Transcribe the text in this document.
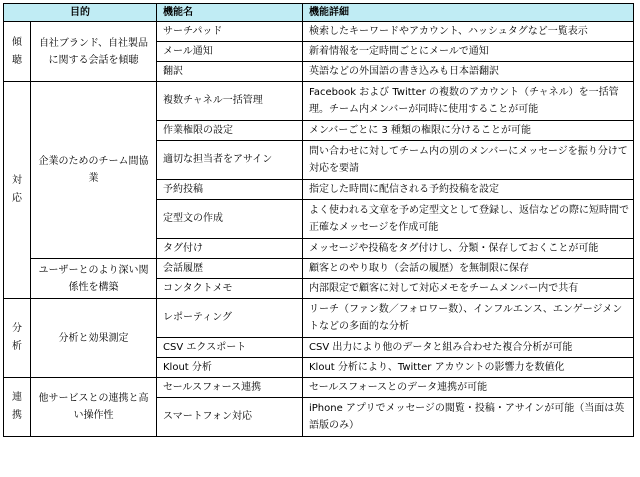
目的		機能名	機能詳細

傾聴	自社ブランド、自社製品に関する会話を傾聴	サーチパッド	検索したキーワードやアカウント、ハッシュタグなど一覧表示

		メール通知	新着情報を一定時間ごとにメールで通知

		翻訳	英語などの外国語の書き込みも日本語翻訳

対応	企業のためのチーム間協業	複数チャネル一括管理	Facebook および Twitter の複数のアカウント（チャネル）を一括管理。チーム内メンバーが同時に使用することが可能

		作業権限の設定	メンバーごとに 3 種類の権限に分けることが可能

		適切な担当者をアサイン	問い合わせに対してチーム内の別のメンバーにメッセージを振り分けて対応を要請

		予約投稿	指定した時間に配信される予約投稿を設定

		定型文の作成	よく使われる文章を予め定型文として登録し、返信などの際に短時間で正確なメッセージを作成可能

		タグ付け	メッセージや投稿をタグ付けし、分類・保存しておくことが可能

	ユーザーとのより深い関係性を構築	会話履歴	顧客とのやり取り（会話の履歴）を無制限に保存

		コンタクトメモ	内部限定で顧客に対して対応メモをチームメンバー内で共有

分析	分析と効果測定	レポーティング	リーチ（ファン数／フォロワー数）、インフルエンス、エンゲージメントなどの多面的な分析

		CSV エクスポート	CSV 出力により他のデータと組み合わせた複合分析が可能

		Klout 分析	Klout 分析により、Twitter アカウントの影響力を数値化

連携	他サービスとの連携と高い操作性	セールスフォース連携	セールスフォースとのデータ連携が可能

		スマートフォン対応	iPhone アプリでメッセージの閲覧・投稿・アサインが可能（当面は英語版のみ）
